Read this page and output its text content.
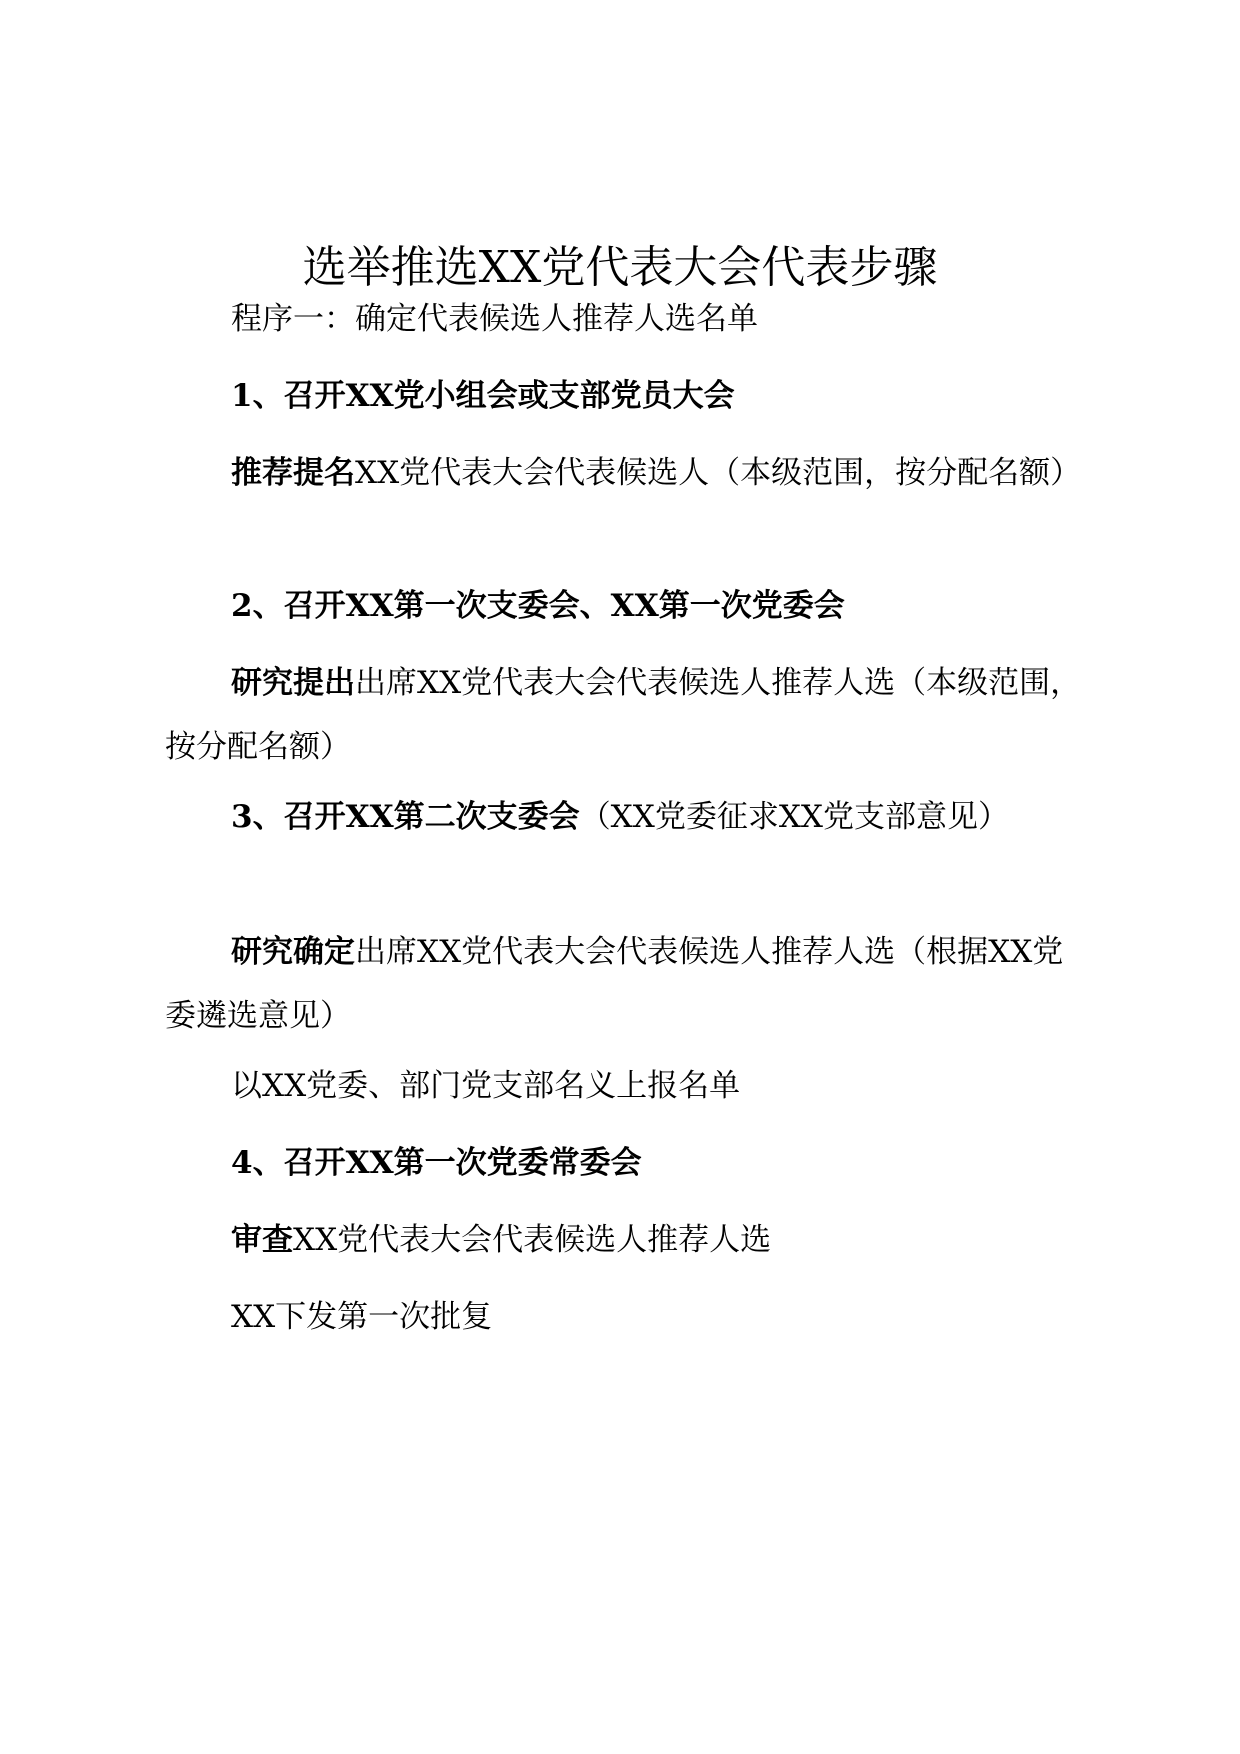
选举推选XX党代表大会代表步骤

程序一：确定代表候选人推荐人选名单

1、召开XX党小组会或支部党员大会

推荐提名XX党代表大会代表候选人（本级范围，按分配名额）

2、召开XX第一次支委会、XX第一次党委会

研究提出出席XX党代表大会代表候选人推荐人选（本级范围，按分配名额）

3、召开XX第二次支委会（XX党委征求XX党支部意见）

研究确定出席XX党代表大会代表候选人推荐人选（根据XX党委遴选意见）

以XX党委、部门党支部名义上报名单

4、召开XX第一次党委常委会

审查XX党代表大会代表候选人推荐人选

XX下发第一次批复
